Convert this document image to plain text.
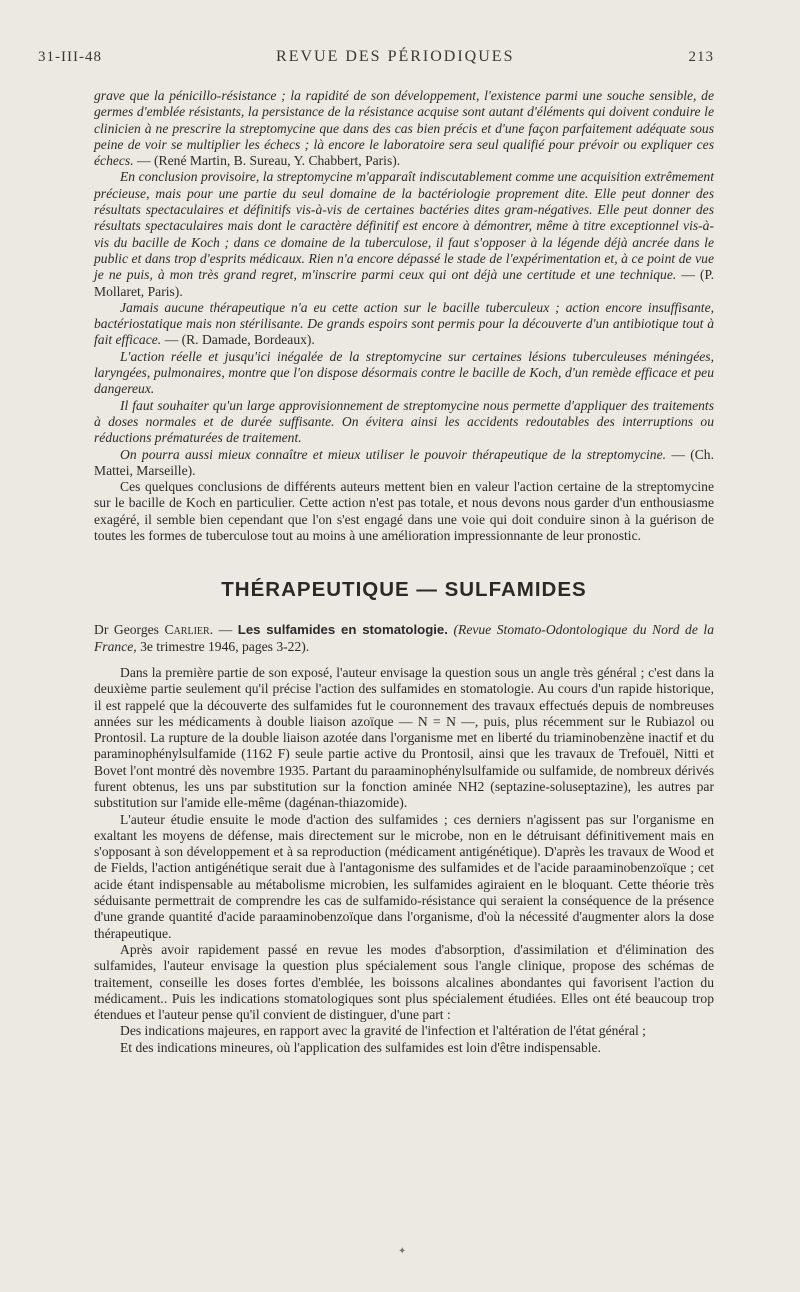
31-III-48	REVUE DES PÉRIODIQUES	213

grave que la pénicillo-résistance ; la rapidité de son développement, l'existence parmi une souche sensible, de germes d'emblée résistants, la persistance de la résistance acquise sont autant d'éléments qui doivent conduire le clinicien à ne prescrire la streptomycine que dans des cas bien précis et d'une façon parfaitement adéquate sous peine de voir se multiplier les échecs ; là encore le laboratoire sera seul qualifié pour prévoir ou expliquer ces échecs. — (René Martin, B. Sureau, Y. Chabbert, Paris).

En conclusion provisoire, la streptomycine m'apparaît indiscutablement comme une acquisition extrêmement précieuse, mais pour une partie du seul domaine de la bactériologie proprement dite. Elle peut donner des résultats spectaculaires et définitifs vis-à-vis de certaines bactéries dites gram-négatives. Elle peut donner des résultats spectaculaires mais dont le caractère définitif est encore à démontrer, même à titre exceptionnel vis-à-vis du bacille de Koch ; dans ce domaine de la tuberculose, il faut s'opposer à la légende déjà ancrée dans le public et dans trop d'esprits médicaux. Rien n'a encore dépassé le stade de l'expérimentation et, à ce point de vue je ne puis, à mon très grand regret, m'inscrire parmi ceux qui ont déjà une certitude et une technique. — (P. Mollaret, Paris).

Jamais aucune thérapeutique n'a eu cette action sur le bacille tuberculeux ; action encore insuffisante, bactériostatique mais non stérilisante. De grands espoirs sont permis pour la découverte d'un antibiotique tout à fait efficace. — (R. Damade, Bordeaux).

L'action réelle et jusqu'ici inégalée de la streptomycine sur certaines lésions tuberculeuses méningées, laryngées, pulmonaires, montre que l'on dispose désormais contre le bacille de Koch, d'un remède efficace et peu dangereux.

Il faut souhaiter qu'un large approvisionnement de streptomycine nous permette d'appliquer des traitements à doses normales et de durée suffisante. On évitera ainsi les accidents redoutables des interruptions ou réductions prématurées de traitement.

On pourra aussi mieux connaître et mieux utiliser le pouvoir thérapeutique de la streptomycine. — (Ch. Mattei, Marseille).

Ces quelques conclusions de différents auteurs mettent bien en valeur l'action certaine de la streptomycine sur le bacille de Koch en particulier. Cette action n'est pas totale, et nous devons nous garder d'un enthousiasme exagéré, il semble bien cependant que l'on s'est engagé dans une voie qui doit conduire sinon à la guérison de toutes les formes de tuberculose tout au moins à une amélioration impressionnante de leur pronostic.

THÉRAPEUTIQUE — SULFAMIDES

Dr Georges Carlier. — Les sulfamides en stomatologie. (Revue Stomato-Odontologique du Nord de la France, 3e trimestre 1946, pages 3-22).

Dans la première partie de son exposé, l'auteur envisage la question sous un angle très général ; c'est dans la deuxième partie seulement qu'il précise l'action des sulfamides en stomatologie. Au cours d'un rapide historique, il est rappelé que la découverte des sulfamides fut le couronnement des travaux effectués depuis de nombreuses années sur les médicaments à double liaison azoïque — N = N —, puis, plus récemment sur le Rubiazol ou Prontosil. La rupture de la double liaison azotée dans l'organisme met en liberté du triaminobenzène inactif et du paraminophénylsulfamide (1162 F) seule partie active du Prontosil, ainsi que les travaux de Trefouël, Nitti et Bovet l'ont montré dès novembre 1935. Partant du paraaminophénylsulfamide ou sulfamide, de nombreux dérivés furent obtenus, les uns par substitution sur la fonction aminée NH2 (septazine-soluseptazine), les autres par substitution sur l'amide elle-même (dagénan-thiazomide).

L'auteur étudie ensuite le mode d'action des sulfamides ; ces derniers n'agissent pas sur l'organisme en exaltant les moyens de défense, mais directement sur le microbe, non en le détruisant définitivement mais en s'opposant à son développement et à sa reproduction (médicament antigénétique). D'après les travaux de Wood et de Fields, l'action antigénétique serait due à l'antagonisme des sulfamides et de l'acide paraaminobenzoïque ; cet acide étant indispensable au métabolisme microbien, les sulfamides agiraient en le bloquant. Cette théorie très séduisante permettrait de comprendre les cas de sulfamido-résistance qui seraient la conséquence de la présence d'une grande quantité d'acide paraaminobenzoïque dans l'organisme, d'où la nécessité d'augmenter alors la dose thérapeutique.

Après avoir rapidement passé en revue les modes d'absorption, d'assimilation et d'élimination des sulfamides, l'auteur envisage la question plus spécialement sous l'angle clinique, propose des schémas de traitement, conseille les doses fortes d'emblée, les boissons alcalines abondantes qui favorisent l'action du médicament.. Puis les indications stomatologiques sont plus spécialement étudiées. Elles ont été beaucoup trop étendues et l'auteur pense qu'il convient de distinguer, d'une part :

Des indications majeures, en rapport avec la gravité de l'infection et l'altération de l'état général ;

Et des indications mineures, où l'application des sulfamides est loin d'être indispensable.

✦
